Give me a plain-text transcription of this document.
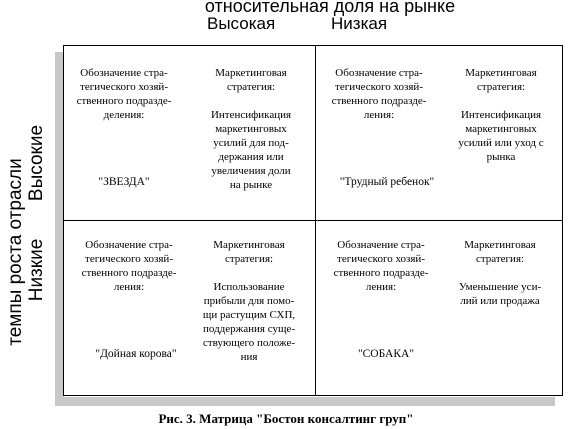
относительная доля на рынке
Высокая	Низкая
темпы роста отрасли Высокие
Низкие
Обозначение стра-
тегического хозяй-
ственного подразде-
деления:
Маркетинговая
стратегия:
Интенсификация
маркетинговых
усилий для под-
держания или
увеличения доли
на рынке
"ЗВЕЗДА"
Обозначение стра-
тегического хозяй-
ственного подразде-
ления:
Маркетинговая
стратегия:
Интенсификация
маркетинговых
усилий или уход с
рынка
"Трудный ребенок"
Обозначение стра-
тегического хозяй-
ственного подразде-
ления:
Маркетинговая
стратегия:
Использование
прибыли для помо-
щи растущим СХП,
поддержания суще-
ствующего положе-
ния
"Дойная корова"
Обозначение стра-
тегического хозяй-
ственного подразде-
ления:
Маркетинговая
стратегия:
Уменьшение уси-
лий или продажа
"СОБАКА"
Рис. 3. Матрица "Бостон консалтинг груп"
